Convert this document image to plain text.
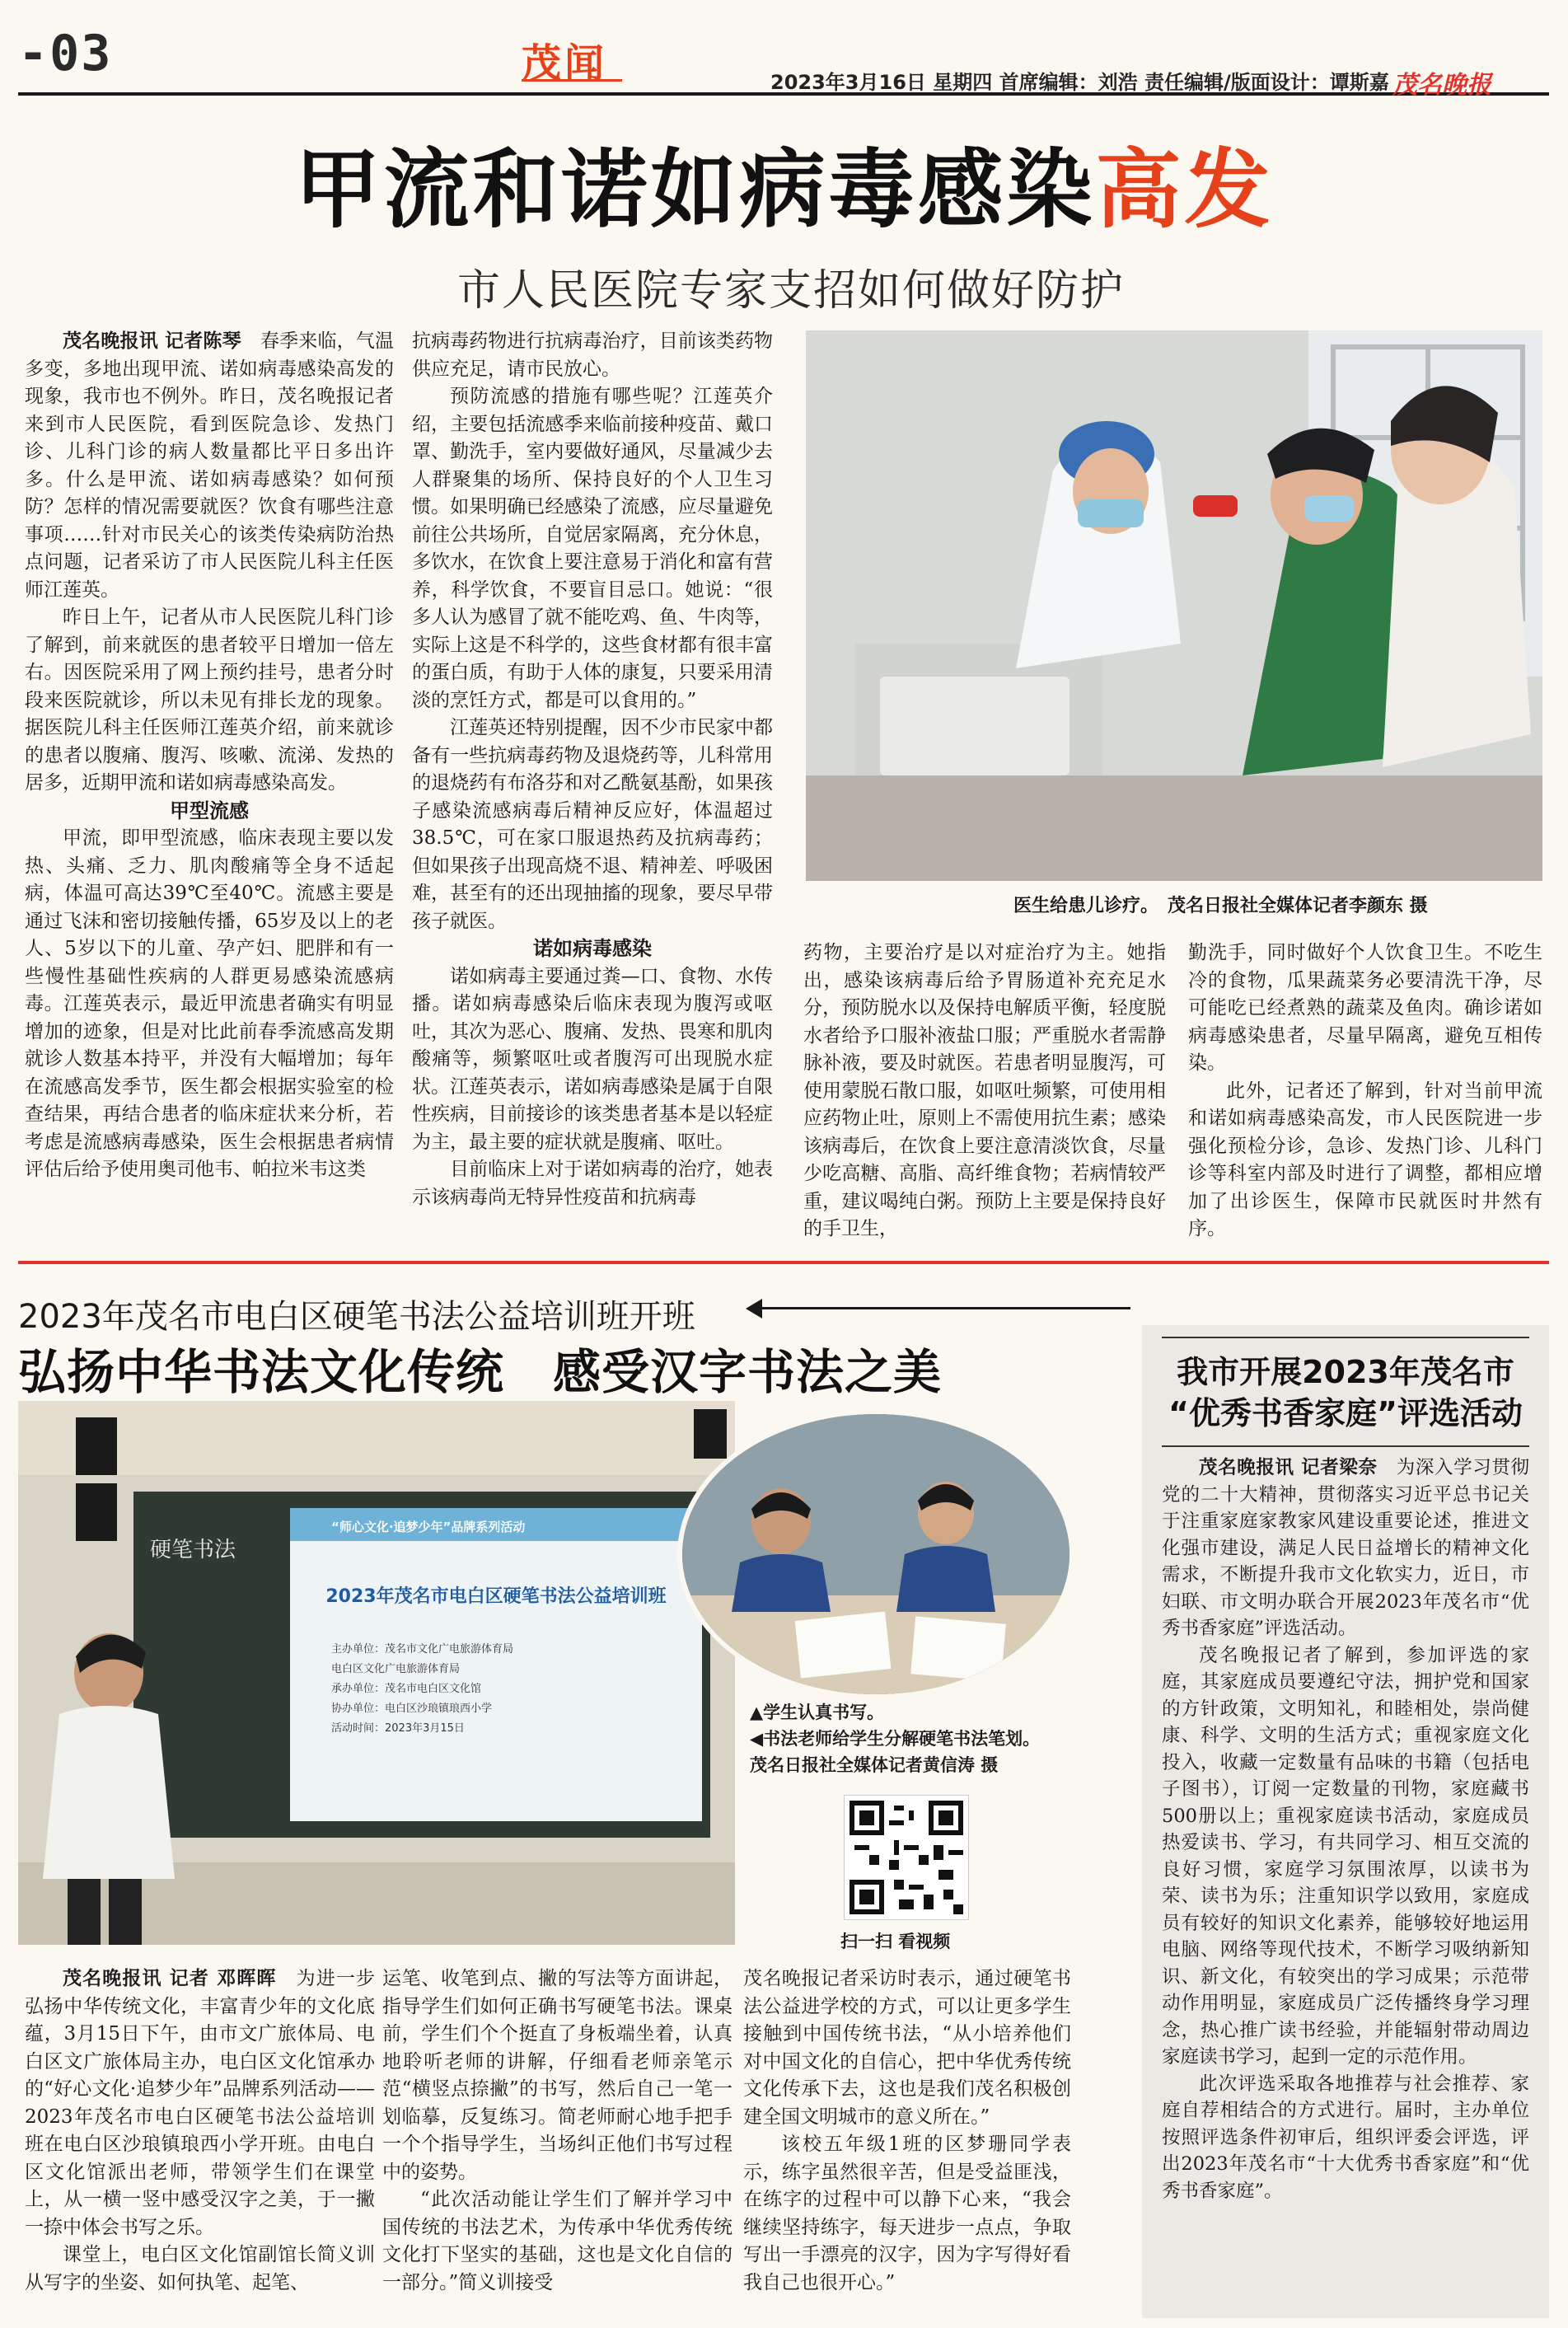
-03	茂闻	2023年3月16日 星期四 首席编辑：刘浩 责任编辑/版面设计：谭斯嘉 茂名晚报
甲流和诺如病毒感染高发
市人民医院专家支招如何做好防护

茂名晚报讯 记者陈琴　 春季来临，气温多变，多地出现甲流、诺如病毒感染高发的现象，我市也不例外。昨日，茂名晚报记者来到市人民医院，看到医院急诊、发热门诊、儿科门诊的病人数量都比平日多出许多。什么是甲流、诺如病毒感染？如何预防？怎样的情况需要就医？饮食有哪些注意事项……针对市民关心的该类传染病防治热点问题，记者采访了市人民医院儿科主任医师江莲英。

昨日上午，记者从市人民医院儿科门诊了解到，前来就医的患者较平日增加一倍左右。因医院采用了网上预约挂号，患者分时段来医院就诊，所以未见有排长龙的现象。据医院儿科主任医师江莲英介绍，前来就诊的患者以腹痛、腹泻、咳嗽、流涕、发热的居多，近期甲流和诺如病毒感染高发。

甲型流感

甲流，即甲型流感，临床表现主要以发热、头痛、乏力、肌肉酸痛等全身不适起病，体温可高达39℃至40℃。流感主要是通过飞沫和密切接触传播，65岁及以上的老人、5岁以下的儿童、孕产妇、肥胖和有一些慢性基础性疾病的人群更易感染流感病毒。江莲英表示，最近甲流患者确实有明显增加的迹象，但是对比此前春季流感高发期就诊人数基本持平，并没有大幅增加；每年在流感高发季节，医生都会根据实验室的检查结果，再结合患者的临床症状来分析，若考虑是流感病毒感染，医生会根据患者病情评估后给予使用奥司他韦、帕拉米韦这类

抗病毒药物进行抗病毒治疗，目前该类药物供应充足，请市民放心。

预防流感的措施有哪些呢？江莲英介绍，主要包括流感季来临前接种疫苗、戴口罩、勤洗手，室内要做好通风，尽量减少去人群聚集的场所、保持良好的个人卫生习惯。如果明确已经感染了流感，应尽量避免前往公共场所，自觉居家隔离，充分休息，多饮水，在饮食上要注意易于消化和富有营养，科学饮食，不要盲目忌口。她说：“很多人认为感冒了就不能吃鸡、鱼、牛肉等，实际上这是不科学的，这些食材都有很丰富的蛋白质，有助于人体的康复，只要采用清淡的烹饪方式，都是可以食用的。”

江莲英还特别提醒，因不少市民家中都备有一些抗病毒药物及退烧药等，儿科常用的退烧药有布洛芬和对乙酰氨基酚，如果孩子感染流感病毒后精神反应好，体温超过38.5℃，可在家口服退热药及抗病毒药；但如果孩子出现高烧不退、精神差、呼吸困难，甚至有的还出现抽搐的现象，要尽早带孩子就医。

诺如病毒感染

诺如病毒主要通过粪—口、食物、水传播。诺如病毒感染后临床表现为腹泻或呕吐，其次为恶心、腹痛、发热、畏寒和肌肉酸痛等，频繁呕吐或者腹泻可出现脱水症状。江莲英表示，诺如病毒感染是属于自限性疾病，目前接诊的该类患者基本是以轻症为主，最主要的症状就是腹痛、呕吐。

目前临床上对于诺如病毒的治疗，她表示该病毒尚无特异性疫苗和抗病毒

医生给患儿诊疗。　茂名日报社全媒体记者李颜东 摄

药物，主要治疗是以对症治疗为主。她指出，感染该病毒后给予胃肠道补充充足水分，预防脱水以及保持电解质平衡，轻度脱水者给予口服补液盐口服；严重脱水者需静脉补液，要及时就医。若患者明显腹泻，可使用蒙脱石散口服，如呕吐频繁，可使用相应药物止吐，原则上不需使用抗生素；感染该病毒后，在饮食上要注意清淡饮食，尽量少吃高糖、高脂、高纤维食物；若病情较严重，建议喝纯白粥。预防上主要是保持良好的手卫生，

勤洗手，同时做好个人饮食卫生。不吃生冷的食物，瓜果蔬菜务必要清洗干净，尽可能吃已经煮熟的蔬菜及鱼肉。确诊诺如病毒感染患者，尽量早隔离，避免互相传染。

此外，记者还了解到，针对当前甲流和诺如病毒感染高发，市人民医院进一步强化预检分诊，急诊、发热门诊、儿科门诊等科室内部及时进行了调整，都相应增加了出诊医生，保障市民就医时井然有序。

2023年茂名市电白区硬笔书法公益培训班开班
弘扬中华书法文化传统　感受汉字书法之美
“师心文化·追梦少年”品牌系列活动
2023年茂名市电白区硬笔书法公益培训班
主办单位：茂名市文化广电旅游体育局
电白区文化广电旅游体育局
承办单位：茂名市电白区文化馆
协办单位：电白区沙琅镇琅西小学
活动时间：2023年3月15日
硬笔书法
▲学生认真书写。
◀书法老师给学生分解硬笔书法笔划。
茂名日报社全媒体记者黄信涛 摄
扫一扫 看视频

茂名晚报讯 记者 邓晖晖　 为进一步弘扬中华传统文化，丰富青少年的文化底蕴，3月15日下午，由市文广旅体局、电白区文广旅体局主办，电白区文化馆承办的“好心文化·追梦少年”品牌系列活动——2023年茂名市电白区硬笔书法公益培训班在电白区沙琅镇琅西小学开班。由电白区文化馆派出老师，带领学生们在课堂上，从一横一竖中感受汉字之美，于一撇一捺中体会书写之乐。

课堂上，电白区文化馆副馆长简义训从写字的坐姿、如何执笔、起笔、

运笔、收笔到点、撇的写法等方面讲起，指导学生们如何正确书写硬笔书法。课桌前，学生们个个挺直了身板端坐着，认真地聆听老师的讲解，仔细看老师亲笔示范“横竖点捺撇”的书写，然后自己一笔一划临摹，反复练习。简老师耐心地手把手一个个指导学生，当场纠正他们书写过程中的姿势。

“此次活动能让学生们了解并学习中国传统的书法艺术，为传承中华优秀传统文化打下坚实的基础，这也是文化自信的一部分。”简义训接受

茂名晚报记者采访时表示，通过硬笔书法公益进学校的方式，可以让更多学生接触到中国传统书法，“从小培养他们对中国文化的自信心，把中华优秀传统文化传承下去，这也是我们茂名积极创建全国文明城市的意义所在。”

该校五年级1班的区梦珊同学表示，练字虽然很辛苦，但是受益匪浅，在练字的过程中可以静下心来，“我会继续坚持练字，每天进步一点点，争取写出一手漂亮的汉字，因为字写得好看我自己也很开心。”

我市开展2023年茂名市
“优秀书香家庭”评选活动

茂名晚报讯 记者梁奈　 为深入学习贯彻党的二十大精神，贯彻落实习近平总书记关于注重家庭家教家风建设重要论述，推进文化强市建设，满足人民日益增长的精神文化需求，不断提升我市文化软实力，近日，市妇联、市文明办联合开展2023年茂名市“优秀书香家庭”评选活动。

茂名晚报记者了解到，参加评选的家庭，其家庭成员要遵纪守法，拥护党和国家的方针政策，文明知礼，和睦相处，崇尚健康、科学、文明的生活方式；重视家庭文化投入，收藏一定数量有品味的书籍（包括电子图书），订阅一定数量的刊物，家庭藏书500册以上；重视家庭读书活动，家庭成员热爱读书、学习，有共同学习、相互交流的良好习惯，家庭学习氛围浓厚，以读书为荣、读书为乐；注重知识学以致用，家庭成员有较好的知识文化素养，能够较好地运用电脑、网络等现代技术，不断学习吸纳新知识、新文化，有较突出的学习成果；示范带动作用明显，家庭成员广泛传播终身学习理念，热心推广读书经验，并能辐射带动周边家庭读书学习，起到一定的示范作用。

此次评选采取各地推荐与社会推荐、家庭自荐相结合的方式进行。届时，主办单位按照评选条件初审后，组织评委会评选，评出2023年茂名市“十大优秀书香家庭”和“优秀书香家庭”。
